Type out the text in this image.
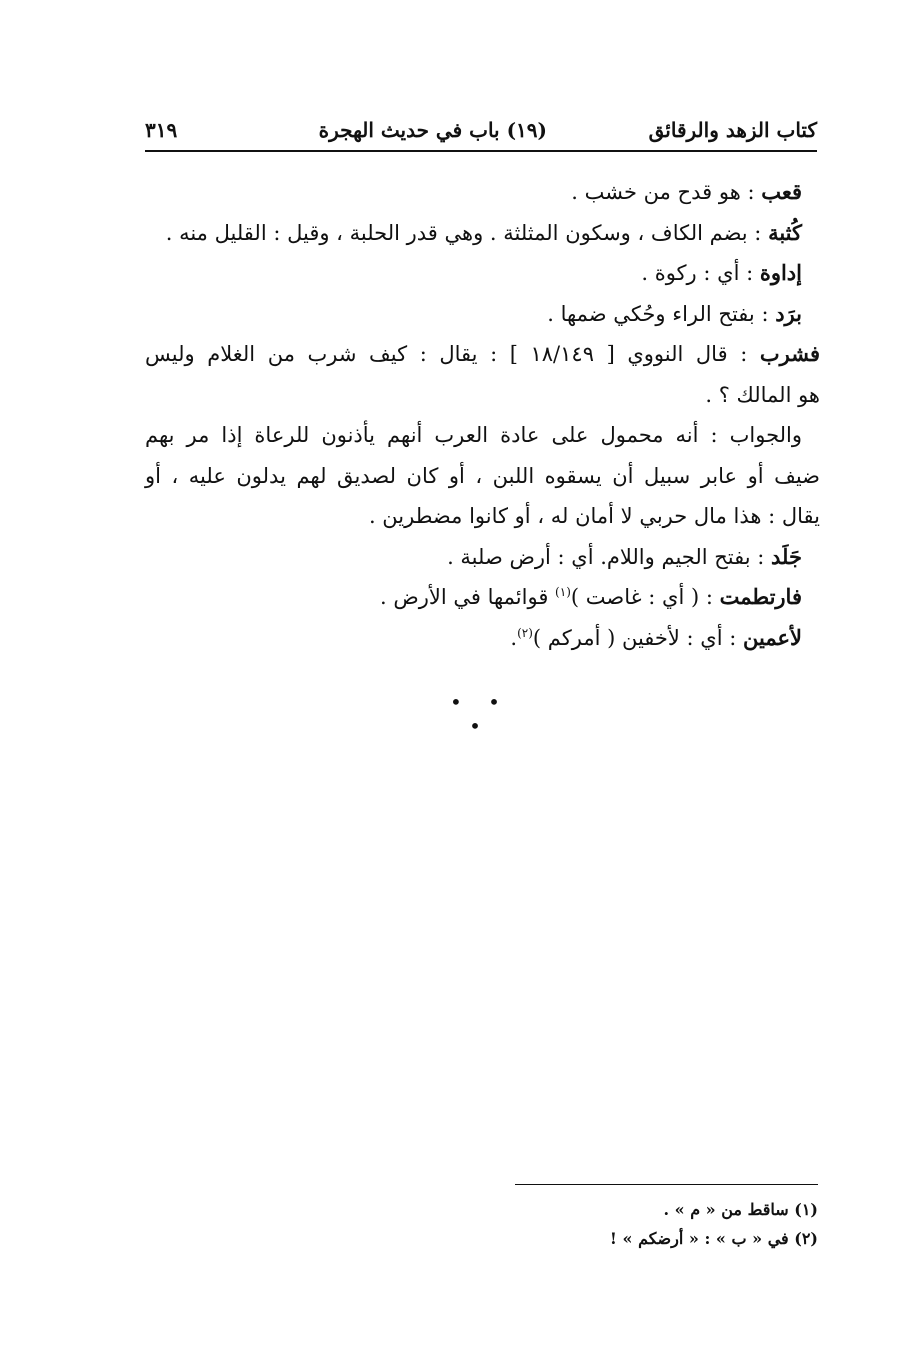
كتاب الزهد والرقائق
(١٩) باب في حديث الهجرة
٣١٩
قعب : هو قدح من خشب .
كُثبة : بضم الكاف ، وسكون المثلثة . وهي قدر الحلبة ، وقيل : القليل منه .
إداوة : أي : ركوة .
برَد : بفتح الراء وحُكي ضمها .
فشرب : قال النووي [ ١٨/١٤٩ ] : يقال : كيف شرب من الغلام وليس
هو المالك ؟ .
والجواب : أنه محمول على عادة العرب أنهم يأذنون للرعاة إذا مر بهم
ضيف أو عابر سبيل أن يسقوه اللبن ، أو كان لصديق لهم يدلون عليه ، أو
يقال : هذا مال حربي لا أمان له ، أو كانوا مضطرين .
جَلَد : بفتح الجيم واللام. أي : أرض صلبة .
فارتطمت : ( أي : غاصت )$^{(١)}$ قوائمها في الأرض .
لأعمين : أي : لأخفين ( أمركم )$^{(٢)}$.
• • •
(١) ساقط من « م » .
(٢) في « ب » : « أرضكم » !
